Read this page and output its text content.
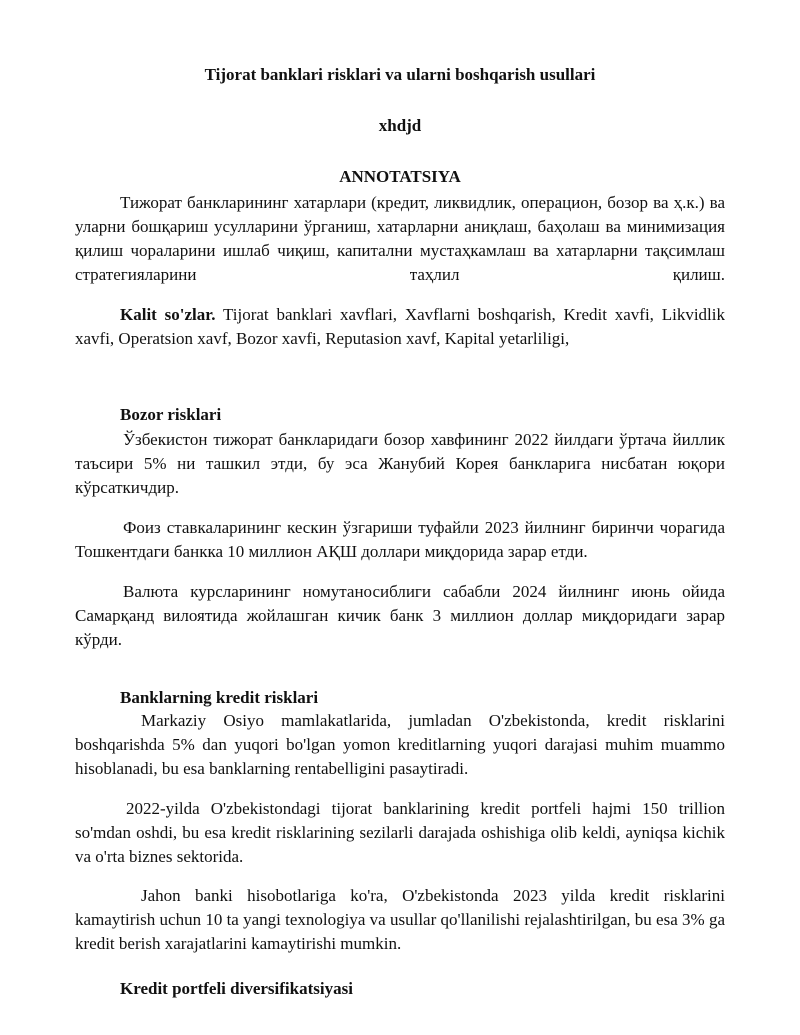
Tijorat banklari risklari va ularni boshqarish usullari

xhdjd

ANNOTATSIYA

Тижорат банкларининг хатарлари (кредит, ликвидлик, операцион, бозор ва ҳ.к.) ва уларни бошқариш усулларини ўрганиш, хатарларни аниқлаш, баҳолаш ва минимизация қилиш чораларини ишлаб чиқиш, капитални мустаҳкамлаш ва хатарларни тақсимлаш стратегияларини таҳлил қилиш.

Kalit so'zlar. Tijorat banklari xavflari, Xavflarni boshqarish, Kredit xavfi, Likvidlik xavfi, Operatsion xavf, Bozor xavfi, Reputasion xavf, Kapital yetarliligi,

Bozor risklari

Ўзбекистон тижорат банкларидаги бозор хавфининг 2022 йилдаги ўртача йиллик таъсири 5% ни ташкил этди, бу эса Жанубий Корея банкларига нисбатан юқори кўрсаткичдир.

Фоиз ставкаларининг кескин ўзгариши туфайли 2023 йилнинг биринчи чорагида Тошкентдаги банкка 10 миллион АҚШ доллари миқдорида зарар етди.

Валюта курсларининг номутаносиблиги сабабли 2024 йилнинг июнь ойида Самарқанд вилоятида жойлашган кичик банк 3 миллион доллар миқдоридаги зарар кўрди.

Banklarning kredit risklari

Markaziy Osiyo mamlakatlarida, jumladan O'zbekistonda, kredit risklarini boshqarishda 5% dan yuqori bo'lgan yomon kreditlarning yuqori darajasi muhim muammo hisoblanadi, bu esa banklarning rentabelligini pasaytiradi.

2022-yilda O'zbekistondagi tijorat banklarining kredit portfeli hajmi 150 trillion so'mdan oshdi, bu esa kredit risklarining sezilarli darajada oshishiga olib keldi, ayniqsa kichik va o'rta biznes sektorida.

Jahon banki hisobotlariga ko'ra, O'zbekistonda 2023 yilda kredit risklarini kamaytirish uchun 10 ta yangi texnologiya va usullar qo'llanilishi rejalashtirilgan, bu esa 3% ga kredit berish xarajatlarini kamaytirishi mumkin.

Kredit portfeli diversifikatsiyasi
